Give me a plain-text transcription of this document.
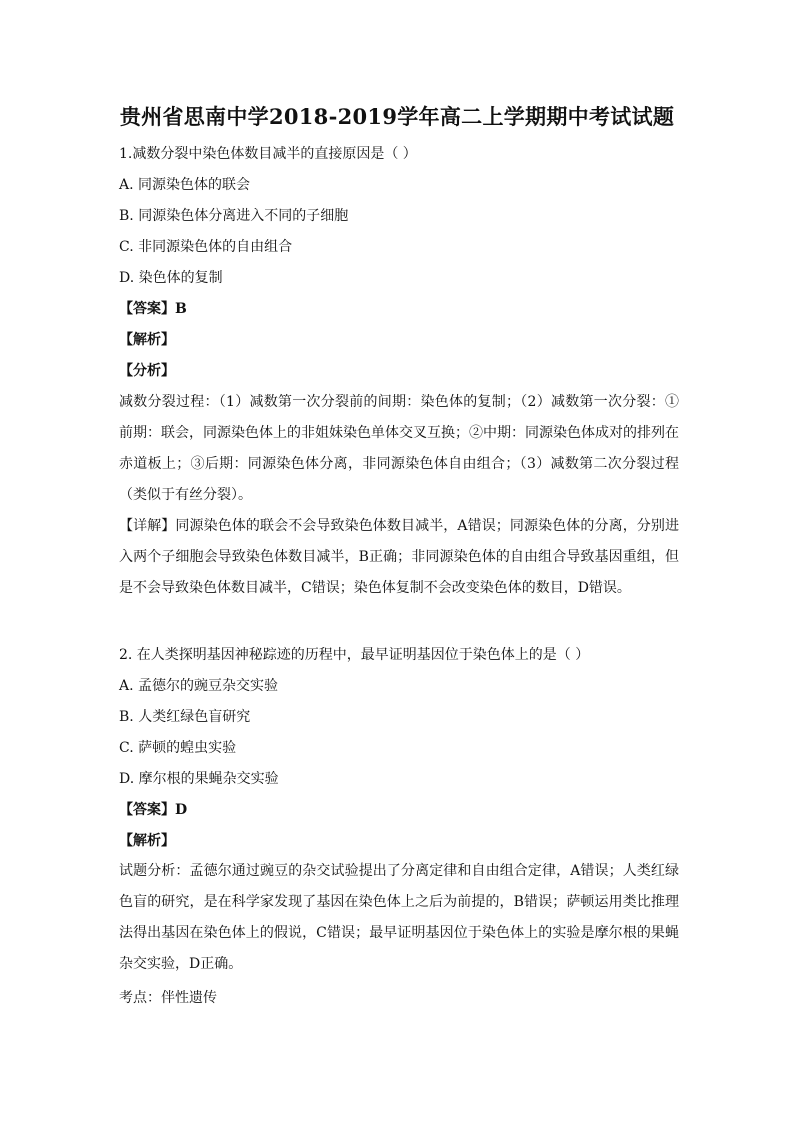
贵州省思南中学2018-2019学年高二上学期期中考试试题
1.减数分裂中染色体数目减半的直接原因是（ ）
A. 同源染色体的联会
B. 同源染色体分离进入不同的子细胞
C. 非同源染色体的自由组合
D. 染色体的复制
【答案】B
【解析】
【分析】
减数分裂过程：（1）减数第一次分裂前的间期：染色体的复制；（2）减数第一次分裂：①前期：联会，同源染色体上的非姐妹染色单体交叉互换；②中期：同源染色体成对的排列在赤道板上；③后期：同源染色体分离，非同源染色体自由组合；（3）减数第二次分裂过程（类似于有丝分裂）。
【详解】同源染色体的联会不会导致染色体数目减半，A错误；同源染色体的分离，分别进入两个子细胞会导致染色体数目减半，B正确；非同源染色体的自由组合导致基因重组，但是不会导致染色体数目减半，C错误；染色体复制不会改变染色体的数目，D错误。
2. 在人类探明基因神秘踪迹的历程中，最早证明基因位于染色体上的是（ ）
A. 孟德尔的豌豆杂交实验
B. 人类红绿色盲研究
C. 萨顿的蝗虫实验
D. 摩尔根的果蝇杂交实验
【答案】D
【解析】
试题分析：孟德尔通过豌豆的杂交试验提出了分离定律和自由组合定律，A错误；人类红绿色盲的研究，是在科学家发现了基因在染色体上之后为前提的，B错误；萨顿运用类比推理法得出基因在染色体上的假说，C错误；最早证明基因位于染色体上的实验是摩尔根的果蝇杂交实验，D正确。
考点：伴性遗传
